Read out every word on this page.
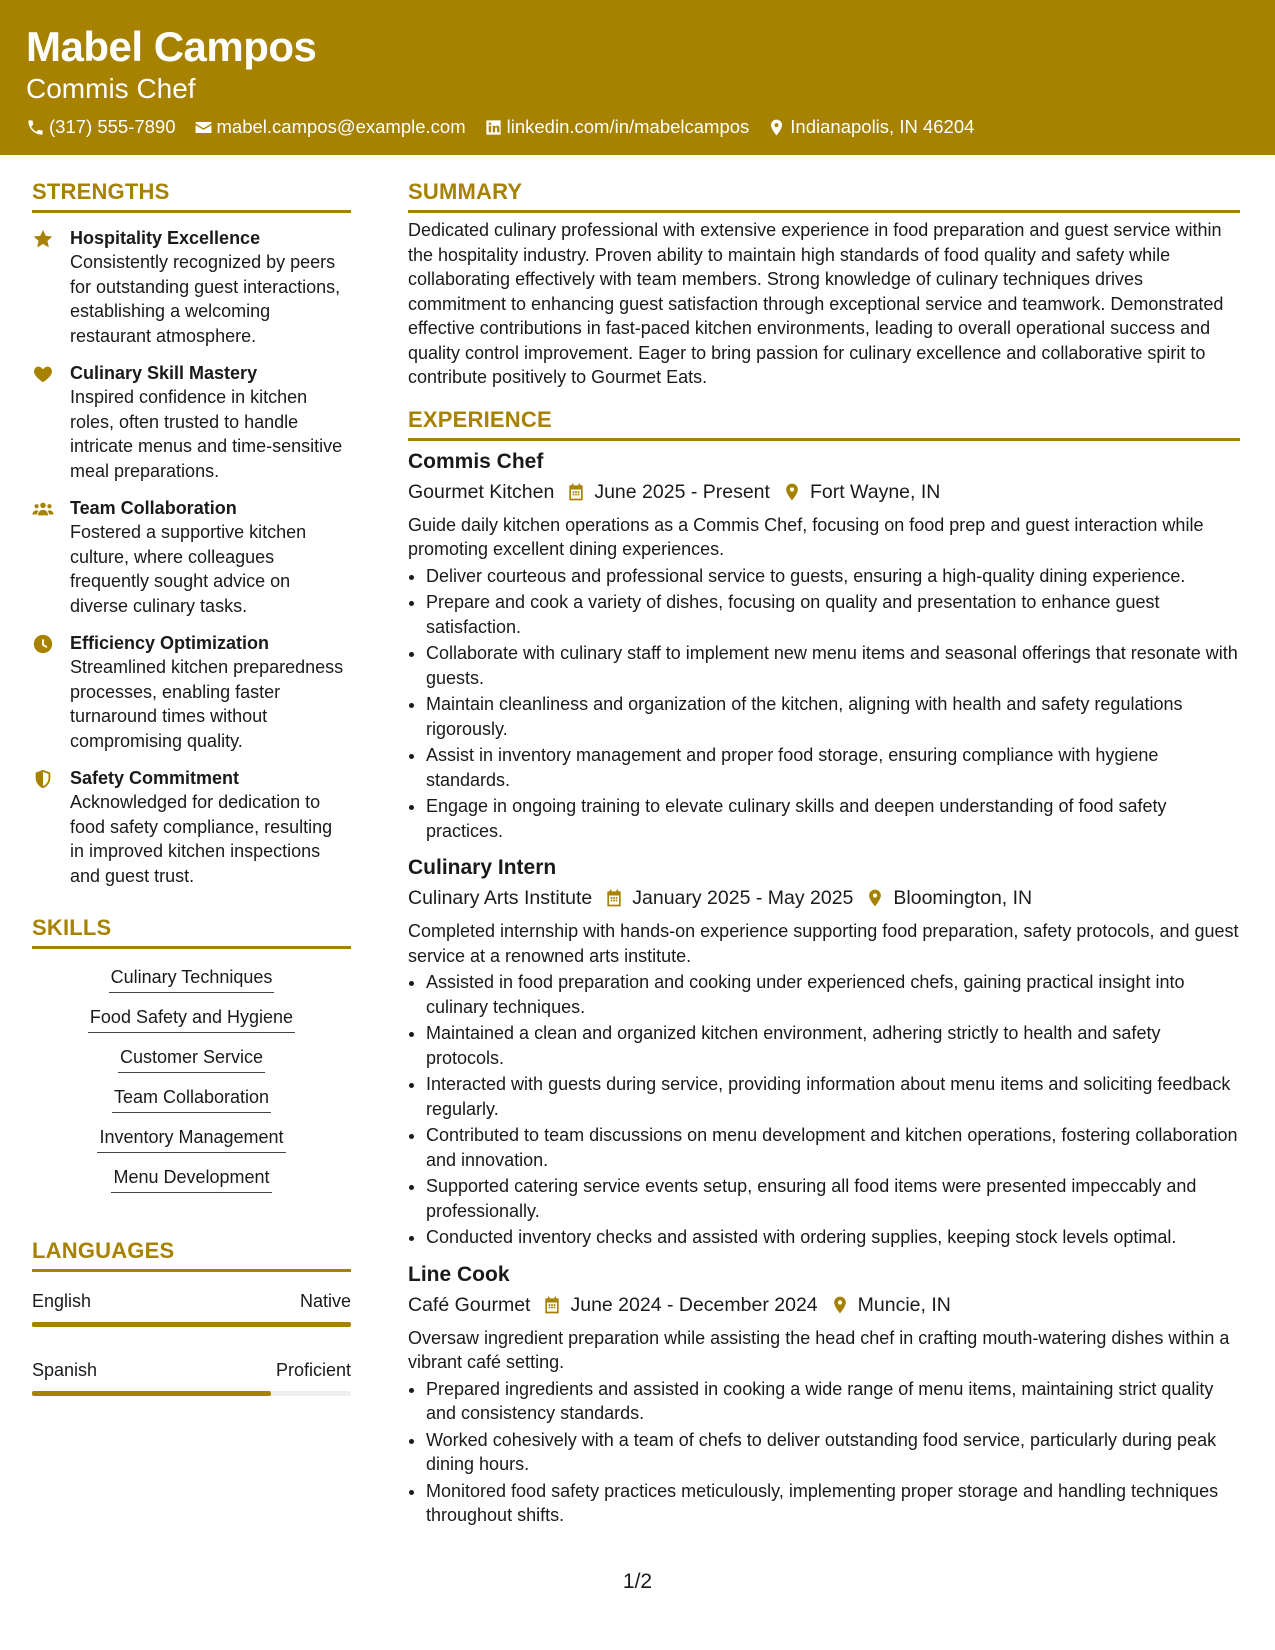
Mabel Campos
Commis Chef
(317) 555-7890 mabel.campos@example.com linkedin.com/in/mabelcampos Indianapolis, IN 46204
STRENGTHS
Hospitality Excellence
Consistently recognized by peers for outstanding guest interactions, establishing a welcoming restaurant atmosphere.
Culinary Skill Mastery
Inspired confidence in kitchen roles, often trusted to handle intricate menus and time-sensitive meal preparations.
Team Collaboration
Fostered a supportive kitchen culture, where colleagues frequently sought advice on diverse culinary tasks.
Efficiency Optimization
Streamlined kitchen preparedness processes, enabling faster turnaround times without compromising quality.
Safety Commitment
Acknowledged for dedication to food safety compliance, resulting in improved kitchen inspections and guest trust.
SKILLS
Culinary Techniques
Food Safety and Hygiene
Customer Service
Team Collaboration
Inventory Management
Menu Development
LANGUAGES
English	Native
Spanish	Proficient
SUMMARY
Dedicated culinary professional with extensive experience in food preparation and guest service within the hospitality industry. Proven ability to maintain high standards of food quality and safety while collaborating effectively with team members. Strong knowledge of culinary techniques drives commitment to enhancing guest satisfaction through exceptional service and teamwork. Demonstrated effective contributions in fast-paced kitchen environments, leading to overall operational success and quality control improvement. Eager to bring passion for culinary excellence and collaborative spirit to contribute positively to Gourmet Eats.
EXPERIENCE
Commis Chef
Gourmet Kitchen June 2025 - Present Fort Wayne, IN
Guide daily kitchen operations as a Commis Chef, focusing on food prep and guest interaction while promoting excellent dining experiences.
• Deliver courteous and professional service to guests, ensuring a high-quality dining experience.
• Prepare and cook a variety of dishes, focusing on quality and presentation to enhance guest satisfaction.
• Collaborate with culinary staff to implement new menu items and seasonal offerings that resonate with guests.
• Maintain cleanliness and organization of the kitchen, aligning with health and safety regulations rigorously.
• Assist in inventory management and proper food storage, ensuring compliance with hygiene standards.
• Engage in ongoing training to elevate culinary skills and deepen understanding of food safety practices.
Culinary Intern
Culinary Arts Institute January 2025 - May 2025 Bloomington, IN
Completed internship with hands-on experience supporting food preparation, safety protocols, and guest service at a renowned arts institute.
• Assisted in food preparation and cooking under experienced chefs, gaining practical insight into culinary techniques.
• Maintained a clean and organized kitchen environment, adhering strictly to health and safety protocols.
• Interacted with guests during service, providing information about menu items and soliciting feedback regularly.
• Contributed to team discussions on menu development and kitchen operations, fostering collaboration and innovation.
• Supported catering service events setup, ensuring all food items were presented impeccably and professionally.
• Conducted inventory checks and assisted with ordering supplies, keeping stock levels optimal.
Line Cook
Café Gourmet June 2024 - December 2024 Muncie, IN
Oversaw ingredient preparation while assisting the head chef in crafting mouth-watering dishes within a vibrant café setting.
• Prepared ingredients and assisted in cooking a wide range of menu items, maintaining strict quality and consistency standards.
• Worked cohesively with a team of chefs to deliver outstanding food service, particularly during peak dining hours.
• Monitored food safety practices meticulously, implementing proper storage and handling techniques throughout shifts.
1/2
